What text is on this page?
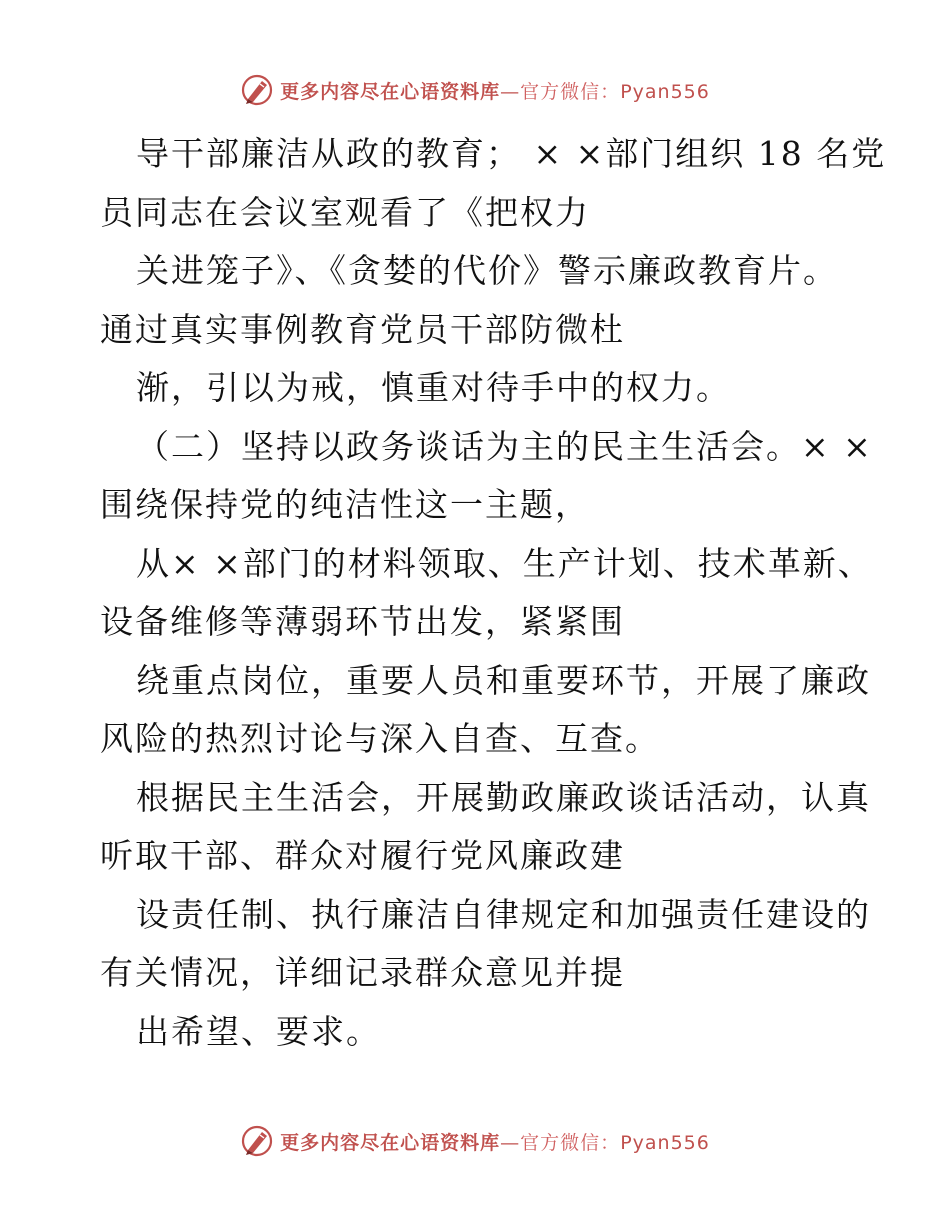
更多内容尽在心语资料库—官方微信：Pyan556
导干部廉洁从政的教育； × ×部门组织 18 名党
员同志在会议室观看了《把权力
关进笼子》、《贪婪的代价》警示廉政教育片。
通过真实事例教育党员干部防微杜
渐，引以为戒，慎重对待手中的权力。
（二）坚持以政务谈话为主的民主生活会。× ×
围绕保持党的纯洁性这一主题，
从× ×部门的材料领取、生产计划、技术革新、
设备维修等薄弱环节出发，紧紧围
绕重点岗位，重要人员和重要环节，开展了廉政
风险的热烈讨论与深入自查、互查。
根据民主生活会，开展勤政廉政谈话活动，认真
听取干部、群众对履行党风廉政建
设责任制、执行廉洁自律规定和加强责任建设的
有关情况，详细记录群众意见并提
出希望、要求。
更多内容尽在心语资料库—官方微信：Pyan556
